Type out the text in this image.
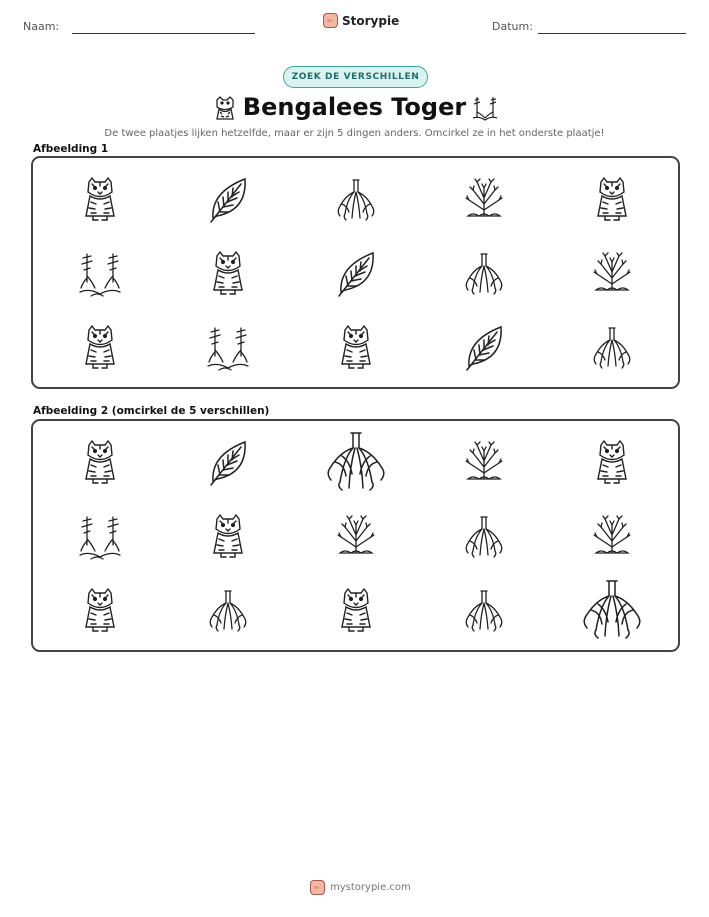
Naam:	Storypie	Datum:
ZOEK DE VERSCHILLEN
Bengalees Toger
De twee plaatjes lijken hetzelfde, maar er zijn 5 dingen anders. Omcirkel ze in het onderste plaatje!
Afbeelding 1
Afbeelding 2 (omcirkel de 5 verschillen)
mystorypie.com
